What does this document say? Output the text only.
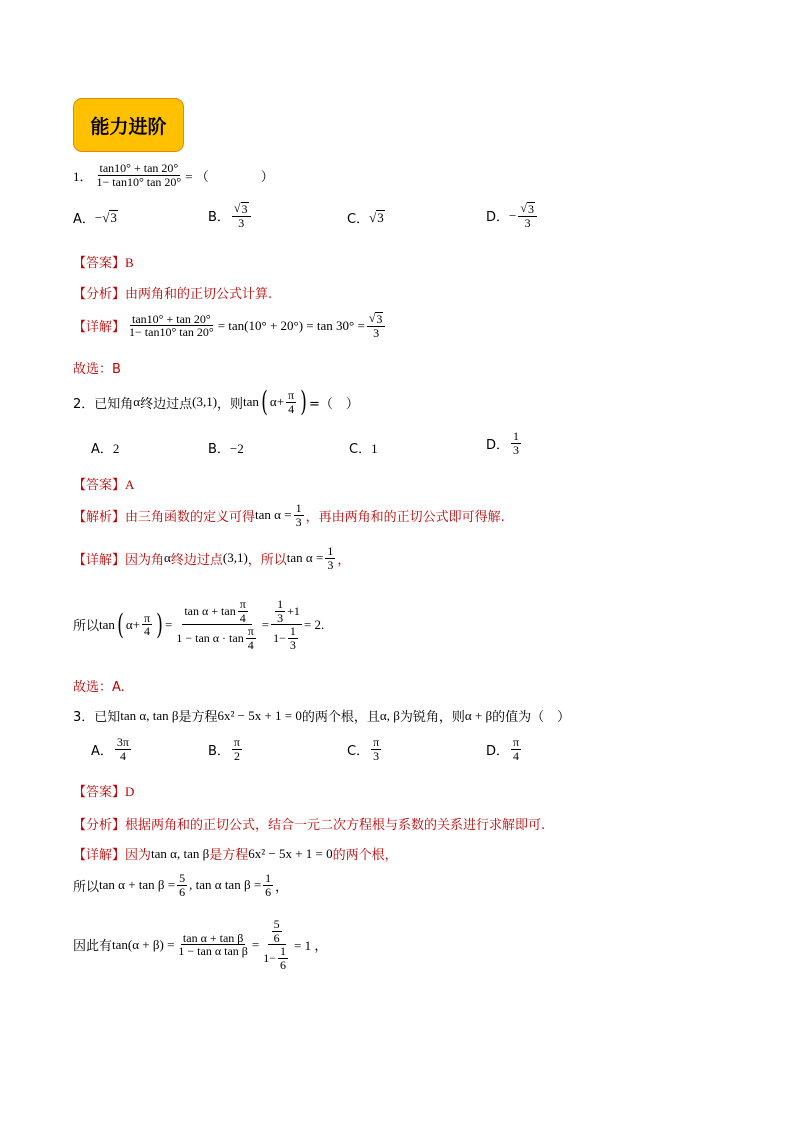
能力进阶
1． $\frac{\tan 10^\circ + \tan 20^\circ}{1- \tan 10^\circ \tan 20^\circ}$ = （　　　　）
A． − √ 3	B． $\frac{√ 3}{3}$	C． √ 3	D． − $\frac{√ 3}{3}$
【答案】B
【分析】由两角和的正切公式计算.
【详解】 $\frac{\tan 10^\circ + \tan 20^\circ}{1- \tan 10^\circ \tan 20^\circ} = \tan(10^\circ + 20^\circ) = \tan 30^\circ = \frac{√ 3}{3}$
故选：B
2．已知角 α 终边过点 (3,1) ，则 tan ( $\alpha + \frac{\pi}{4}$ ) =（　）
A．2	B．−2	C．1	D． $\frac{1}{3}$
【答案】A
【解析】 由三角函数的定义可得 $\tan \alpha = \frac{1}{3}$ ，再由两角和的正切公式即可得解.
【详解】 因为角 α 终边过点 (3,1) ，所以 $\tan \alpha = \frac{1}{3}$ ，
所以 tan ( $\alpha + \frac{\pi}{4}$ ) = $\frac{\tan \alpha + \tan \frac{\pi}{4}}{1 - \tan \alpha \cdot \tan \frac{\pi}{4}} = \frac{\frac{1}{3} +1}{1- \frac{1}{3}} = 2$.
故选：A.
3．已知 tan α, tan β 是方程 6x² − 5x + 1 = 0 的两个根，且 α, β 为锐角，则 α + β 的值为（　）
A． $\frac{3\pi}{4}$	B． $\frac{\pi}{2}$	C． $\frac{\pi}{3}$	D． $\frac{\pi}{4}$
【答案】D
【分析】根据两角和的正切公式，结合一元二次方程根与系数的关系进行求解即可.
【详解】 因为 tan α, tan β 是方程 6x² − 5x + 1 = 0 的两个根，
所以 $\tan \alpha + \tan \beta = \frac{5}{6}$ , tan α $\tan \beta = \frac{1}{6}$ ，
因此有 $\tan(\alpha + \beta) = \frac{\text{tan α + tan β}}{\text{1 − tan α tan β}} = \frac{\frac{5}{6}}{1- \frac{1}{6}} = 1$ ，
